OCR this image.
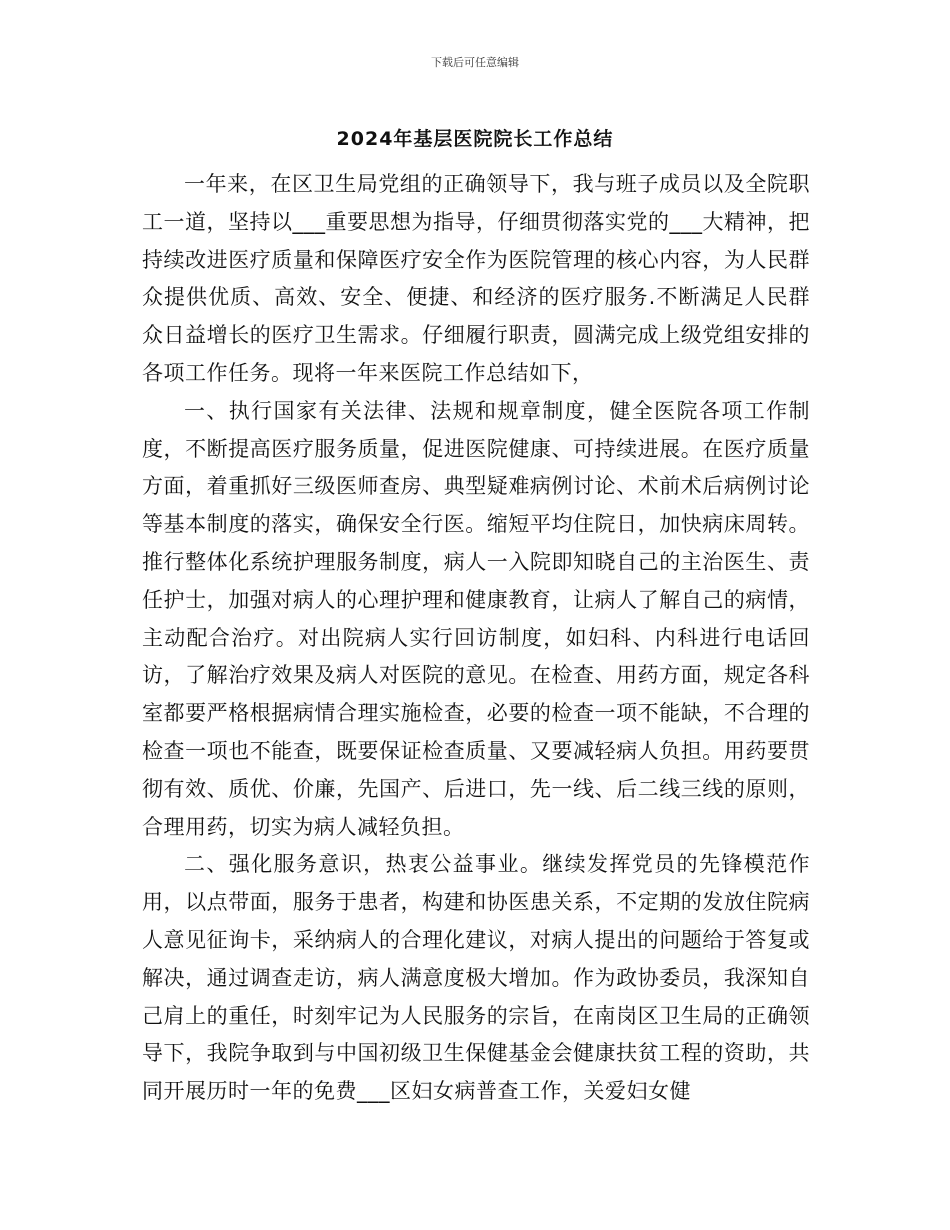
下载后可任意编辑
2024年基层医院院长工作总结

一年来，在区卫生局党组的正确领导下，我与班子成员以及全院职工一道，坚持以___重要思想为指导，仔细贯彻落实党的___大精神，把持续改进医疗质量和保障医疗安全作为医院管理的核心内容，为人民群众提供优质、高效、安全、便捷、和经济的医疗服务.不断满足人民群众日益增长的医疗卫生需求。仔细履行职责，圆满完成上级党组安排的各项工作任务。现将一年来医院工作总结如下，

一、执行国家有关法律、法规和规章制度，健全医院各项工作制度，不断提高医疗服务质量，促进医院健康、可持续进展。在医疗质量方面，着重抓好三级医师查房、典型疑难病例讨论、术前术后病例讨论等基本制度的落实，确保安全行医。缩短平均住院日，加快病床周转。推行整体化系统护理服务制度，病人一入院即知晓自己的主治医生、责任护士，加强对病人的心理护理和健康教育，让病人了解自己的病情，主动配合治疗。对出院病人实行回访制度，如妇科、内科进行电话回访，了解治疗效果及病人对医院的意见。在检查、用药方面，规定各科室都要严格根据病情合理实施检查，必要的检查一项不能缺，不合理的检查一项也不能查，既要保证检查质量、又要减轻病人负担。用药要贯彻有效、质优、价廉，先国产、后进口，先一线、后二线三线的原则，合理用药，切实为病人减轻负担。

二、强化服务意识，热衷公益事业。继续发挥党员的先锋模范作用，以点带面，服务于患者，构建和协医患关系，不定期的发放住院病人意见征询卡，采纳病人的合理化建议，对病人提出的问题给于答复或解决，通过调查走访，病人满意度极大增加。作为政协委员，我深知自己肩上的重任，时刻牢记为人民服务的宗旨，在南岗区卫生局的正确领导下，我院争取到与中国初级卫生保健基金会健康扶贫工程的资助，共同开展历时一年的免费___区妇女病普查工作，关爱妇女健
